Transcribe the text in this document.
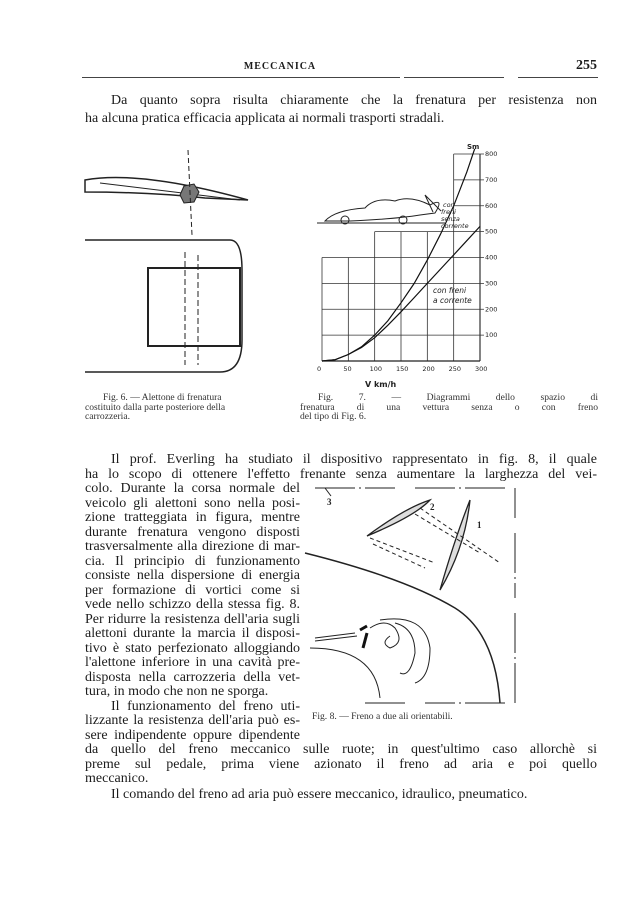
MECCANICA	255
Da quanto sopra risulta chiaramente che la frenatura per resistenza non
ha alcuna pratica efficacia applicata ai normali trasporti stradali.
Fig. 6. — Alettone di frenatura
costituito dalla parte posteriore della
carrozzeria.
0	50	100 150 200 250 300
100
200
300
400
500
600
700
800
Sm
V km/h
con
freni
senza
corrente
con freni
a corrente
Fig. 7. — Diagrammi dello spazio di
frenatura di una vettura senza o con freno
del tipo di Fig. 6.
Il prof. Everling ha studiato il dispositivo rappresentato in fig. 8, il quale
ha lo scopo di ottenere l'effetto frenante senza aumentare la larghezza del vei-
colo. Durante la corsa normale del
veicolo gli alettoni sono nella posi-
zione tratteggiata in figura, mentre
durante frenatura vengono disposti
trasversalmente alla direzione di mar-
cia. Il principio di funzionamento
consiste nella dispersione di energia
per formazione di vortici come si
vede nello schizzo della stessa fig. 8.
Per ridurre la resistenza dell'aria sugli
alettoni durante la marcia il disposi-
tivo è stato perfezionato alloggiando
l'alettone inferiore in una cavità pre-
disposta nella carrozzeria della vet-
tura, in modo che non ne sporga.
Il funzionamento del freno uti-
lizzante la resistenza dell'aria può es-
sere indipendente oppure dipendente
3	2
1
Fig. 8. — Freno a due ali orientabili.
da quello del freno meccanico sulle ruote; in quest'ultimo caso allorchè si
preme sul pedale, prima viene azionato il freno ad aria e poi quello
meccanico.
Il comando del freno ad aria può essere meccanico, idraulico, pneumatico.
